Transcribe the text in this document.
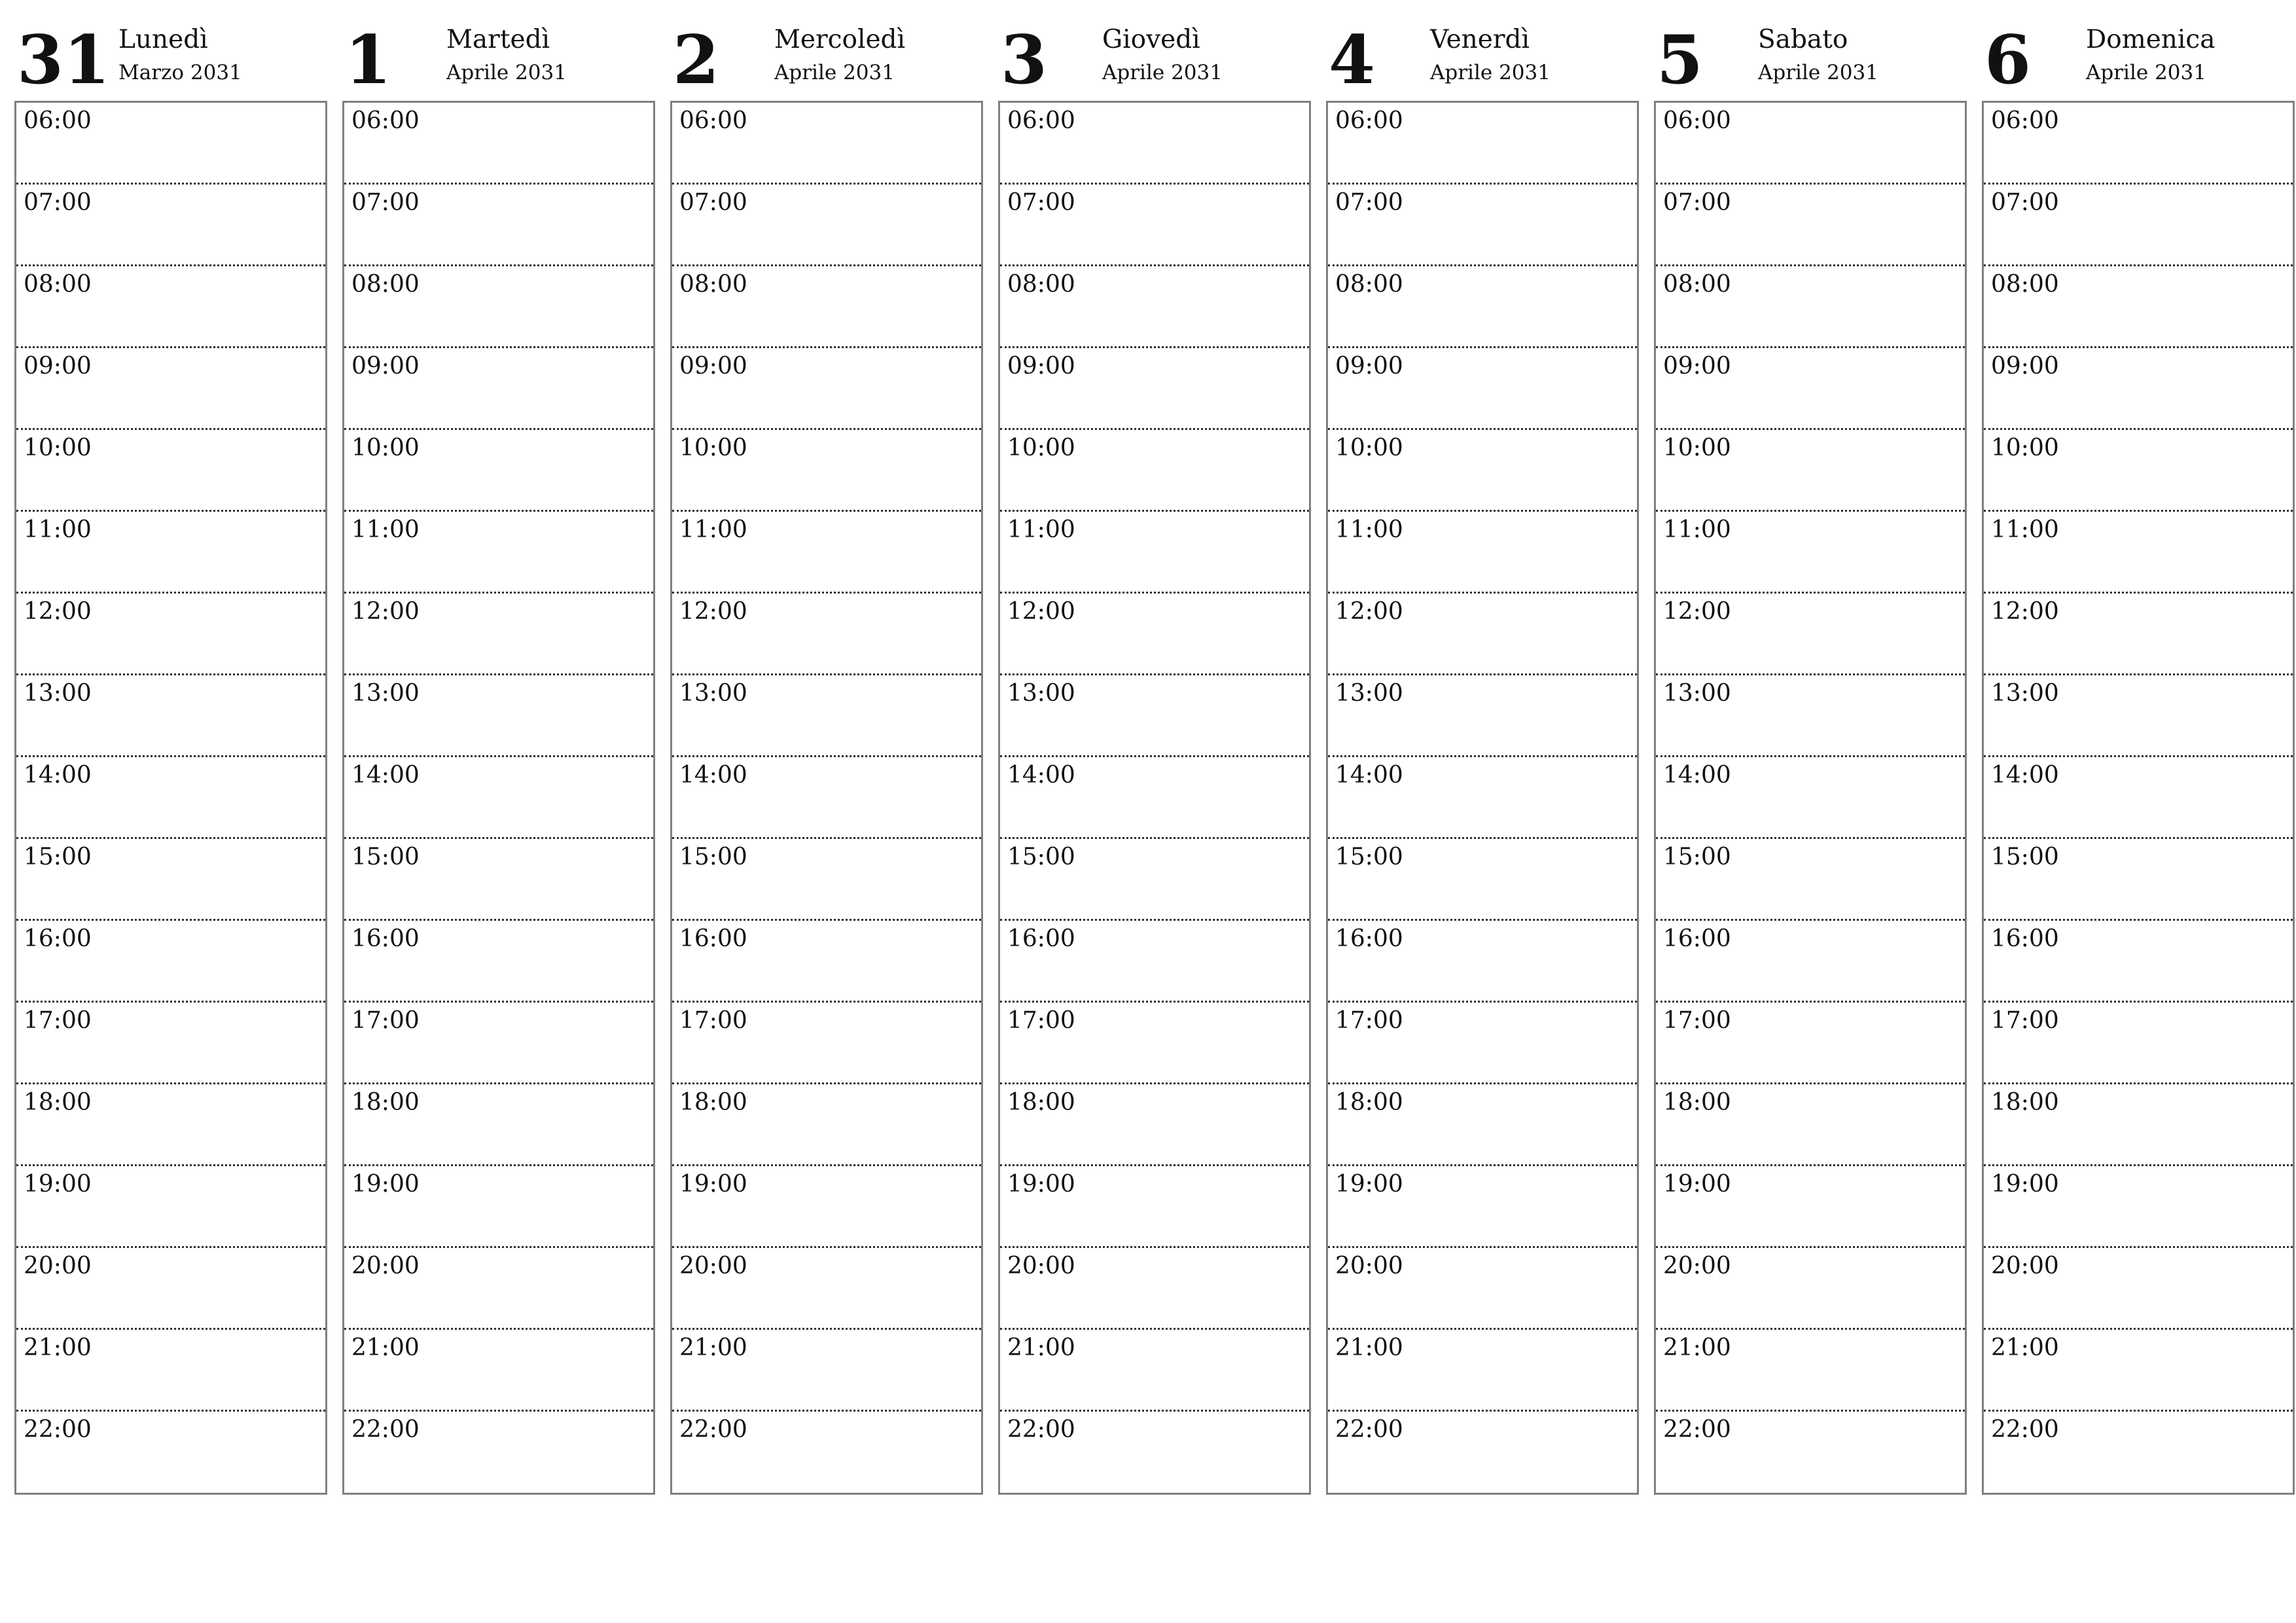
31 Lunedì
Marzo 2031
06:00
07:00
08:00
09:00
10:00
11:00
12:00
13:00
14:00
15:00
16:00
17:00
18:00
19:00
20:00
21:00
22:00
1	Martedì
Aprile 2031
06:00
07:00
08:00
09:00
10:00
11:00
12:00
13:00
14:00
15:00
16:00
17:00
18:00
19:00
20:00
21:00
22:00
2	Mercoledì
Aprile 2031
06:00
07:00
08:00
09:00
10:00
11:00
12:00
13:00
14:00
15:00
16:00
17:00
18:00
19:00
20:00
21:00
22:00
3	Giovedì
Aprile 2031
06:00
07:00
08:00
09:00
10:00
11:00
12:00
13:00
14:00
15:00
16:00
17:00
18:00
19:00
20:00
21:00
22:00
4	Venerdì
Aprile 2031
06:00
07:00
08:00
09:00
10:00
11:00
12:00
13:00
14:00
15:00
16:00
17:00
18:00
19:00
20:00
21:00
22:00
5	Sabato
Aprile 2031
06:00
07:00
08:00
09:00
10:00
11:00
12:00
13:00
14:00
15:00
16:00
17:00
18:00
19:00
20:00
21:00
22:00
6	Domenica
Aprile 2031
06:00
07:00
08:00
09:00
10:00
11:00
12:00
13:00
14:00
15:00
16:00
17:00
18:00
19:00
20:00
21:00
22:00
